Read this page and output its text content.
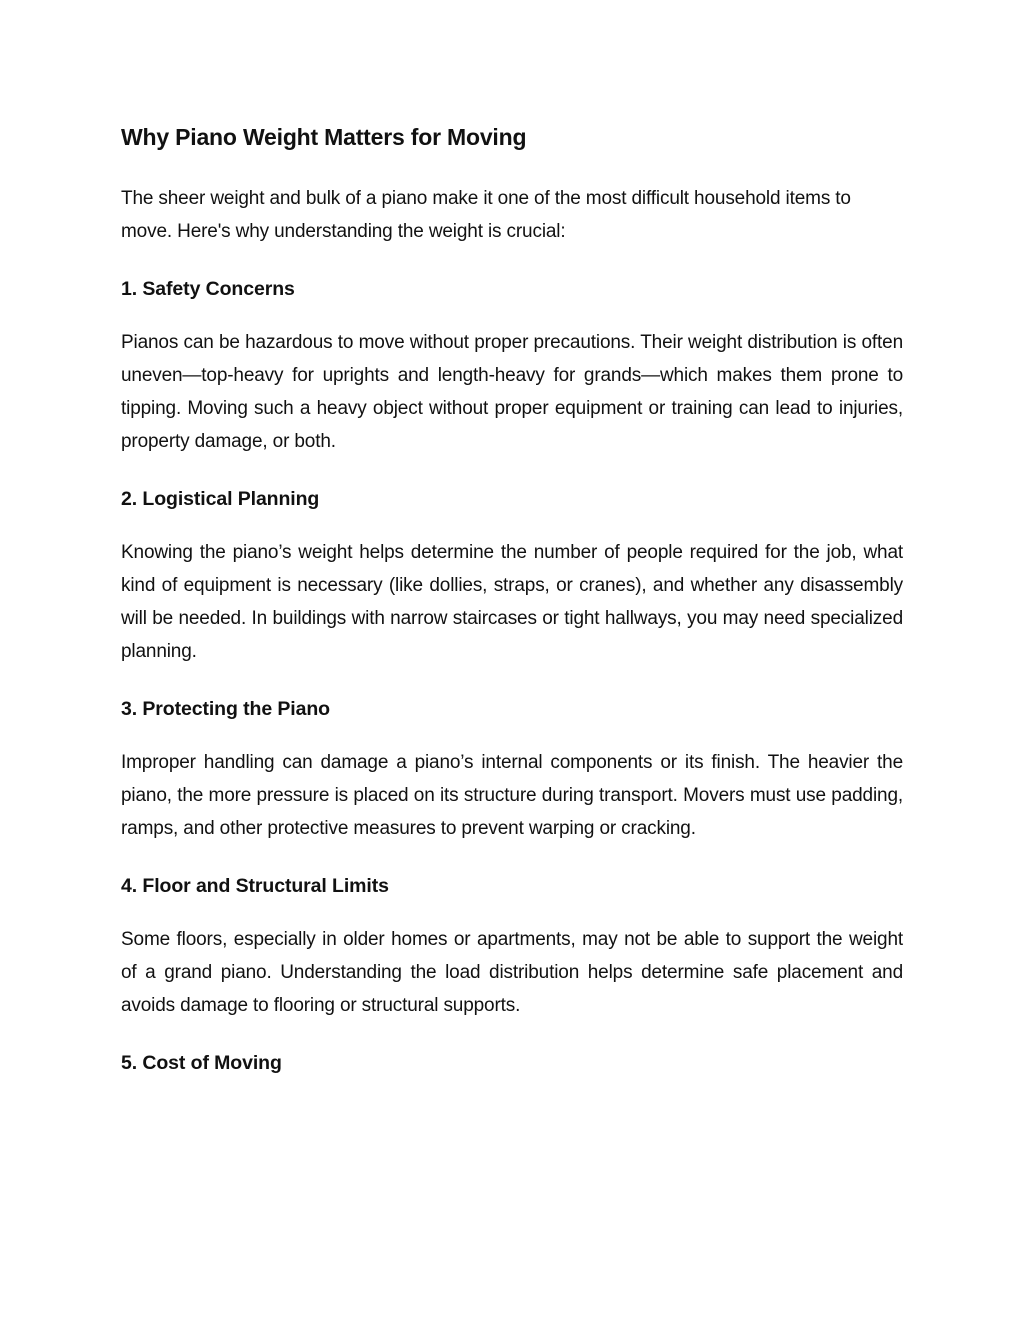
Why Piano Weight Matters for Moving

The sheer weight and bulk of a piano make it one of the most difficult household items to move. Here's why understanding the weight is crucial:

1. Safety Concerns

Pianos can be hazardous to move without proper precautions. Their weight distribution is often uneven—top-heavy for uprights and length-heavy for grands—which makes them prone to tipping. Moving such a heavy object without proper equipment or training can lead to injuries, property damage, or both.

2. Logistical Planning

Knowing the piano’s weight helps determine the number of people required for the job, what kind of equipment is necessary (like dollies, straps, or cranes), and whether any disassembly will be needed. In buildings with narrow staircases or tight hallways, you may need specialized planning.

3. Protecting the Piano

Improper handling can damage a piano’s internal components or its finish. The heavier the piano, the more pressure is placed on its structure during transport. Movers must use padding, ramps, and other protective measures to prevent warping or cracking.

4. Floor and Structural Limits

Some floors, especially in older homes or apartments, may not be able to support the weight of a grand piano. Understanding the load distribution helps determine safe placement and avoids damage to flooring or structural supports.

5. Cost of Moving
